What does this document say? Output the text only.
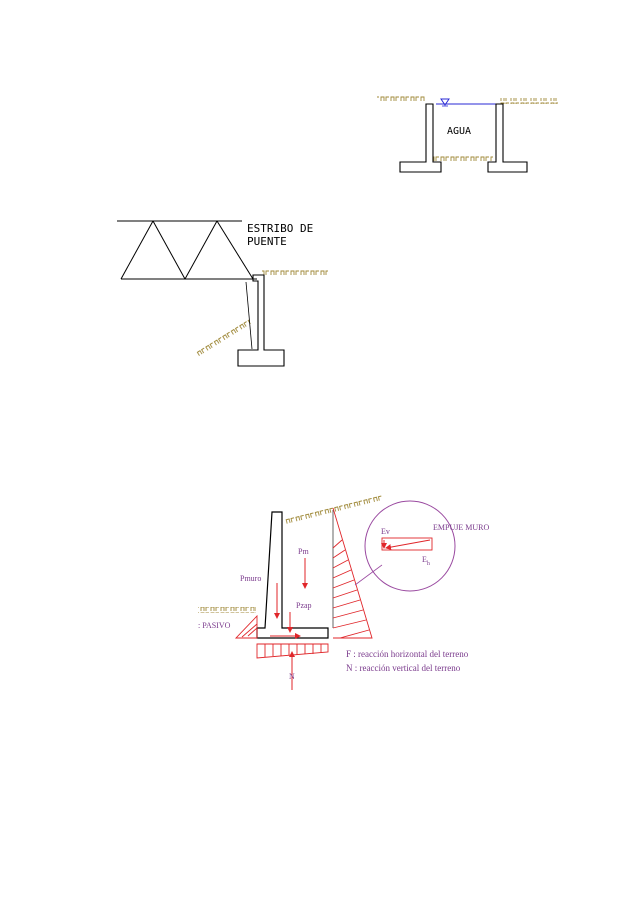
AGUA
ESTRIBO DE
PUENTE
Pm
Pmuro
Pzap
: PASIVO
N
Ev
$E_h$
EMPUJE MURO
F : reacción horizontal del terreno
N : reacción vertical del terreno
